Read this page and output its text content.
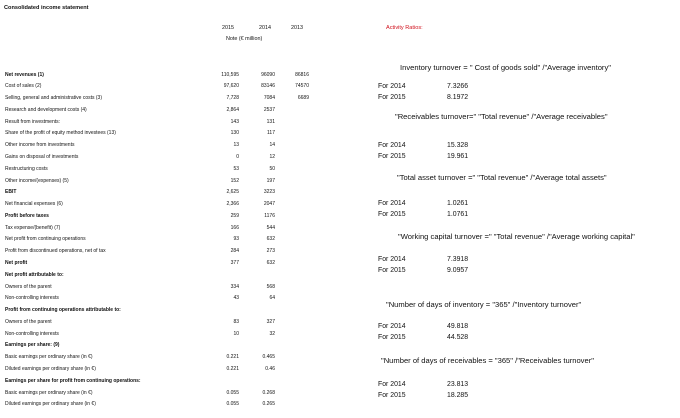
Consolidated income statement
2015	2014	2013
Note (€ million)
Activity Ratios:
Net revenues (1)	110,595	96090	86816
Cost of sales (2)	97,620	83146	74570
Selling, general and administrative costs (3)	7,728	7084	6689
Research and development costs (4)	2,864	2537
Result from investments:	143	131
Share of the profit of equity method investees (13)	130	117
Other income from investments	13	14
Gains on disposal of investments	0	12
Restructuring costs	53	50
Other income/(expenses) (5)	152	197
EBIT	2,625	3223
Net financial expenses (6)	2,366	2047
Profit before taxes	259	1176
Tax expense/(benefit) (7)	166	544
Net profit from continuing operations	93	632
Profit from discontinued operations, net of tax	284	273
Net profit	377	632
Net profit attributable to:
Owners of the parent	334	568
Non-controlling interests	43	64
Profit from continuing operations attributable to:
Owners of the parent	83	327
Non-controlling interests	10	32
Earnings per share: (9)
Basic earnings per ordinary share (in €)	0.221	0.465
Diluted earnings per ordinary share (in €)	0.221	0.46
Earnings per share for profit from continuing operations:
Basic earnings per ordinary share (in €)	0.055	0.268
Diluted earnings per ordinary share (in €)	0.055	0.265
Inventory turnover = " Cost of goods sold" /"Average inventory"
For 2014	7.3266
For 2015	8.1972
"Receivables turnover=" "Total revenue" /"Average receivables"
For 2014	15.328
For 2015	19.961
"Total asset turnover =" "Total revenue" /"Average total assets"
For 2014	1.0261
For 2015	1.0761
"Working capital turnover =" "Total revenue" /"Average working capital"
For 2014	7.3918
For 2015	9.0957
"Number of days of inventory = "365" /"Inventory turnover"
For 2014	49.818
For 2015	44.528
"Number of days of receivables = "365" /"Receivables turnover"
For 2014	23.813
For 2015	18.285
